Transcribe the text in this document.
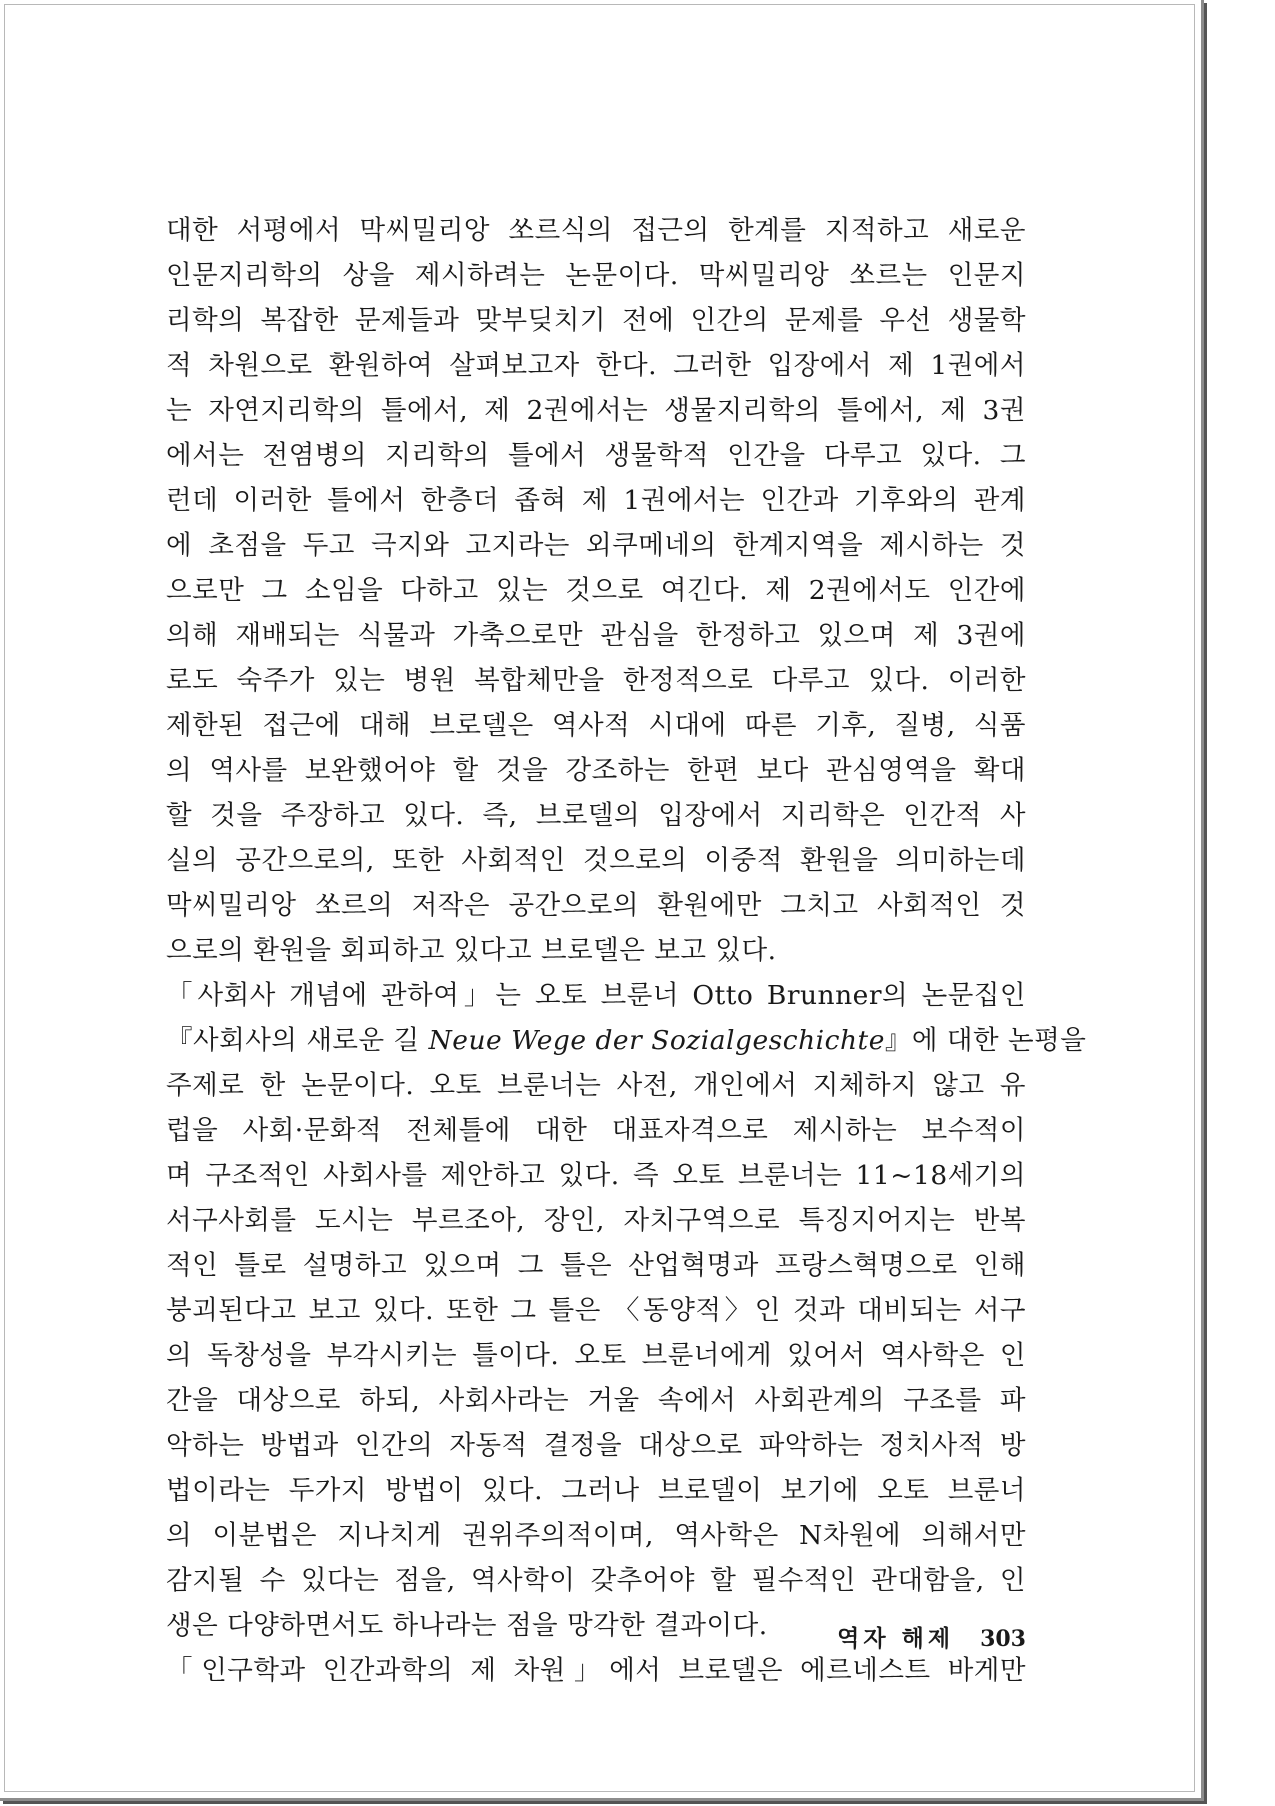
대한 서평에서 막씨밀리앙 쏘르식의 접근의 한계를 지적하고 새로운
인문지리학의 상을 제시하려는 논문이다. 막씨밀리앙 쏘르는 인문지
리학의 복잡한 문제들과 맞부딪치기 전에 인간의 문제를 우선 생물학
적 차원으로 환원하여 살펴보고자 한다. 그러한 입장에서 제 1권에서
는 자연지리학의 틀에서, 제 2권에서는 생물지리학의 틀에서, 제 3권
에서는 전염병의 지리학의 틀에서 생물학적 인간을 다루고 있다. 그
런데 이러한 틀에서 한층더 좁혀 제 1권에서는 인간과 기후와의 관계
에 초점을 두고 극지와 고지라는 외쿠메네의 한계지역을 제시하는 것
으로만 그 소임을 다하고 있는 것으로 여긴다. 제 2권에서도 인간에
의해 재배되는 식물과 가축으로만 관심을 한정하고 있으며 제 3권에
로도 숙주가 있는 병원 복합체만을 한정적으로 다루고 있다. 이러한
제한된 접근에 대해 브로델은 역사적 시대에 따른 기후, 질병, 식품
의 역사를 보완했어야 할 것을 강조하는 한편 보다 관심영역을 확대
할 것을 주장하고 있다. 즉, 브로델의 입장에서 지리학은 인간적 사
실의 공간으로의, 또한 사회적인 것으로의 이중적 환원을 의미하는데
막씨밀리앙 쏘르의 저작은 공간으로의 환원에만 그치고 사회적인 것
으로의 환원을 회피하고 있다고 브로델은 보고 있다.
「사회사 개념에 관하여」는 오토 브룬너 Otto Brunner의 논문집인
『사회사의 새로운 길 Neue Wege der Sozialgeschichte』에 대한 논평을
주제로 한 논문이다. 오토 브룬너는 사전, 개인에서 지체하지 않고 유
럽을 사회·문화적 전체틀에 대한 대표자격으로 제시하는 보수적이
며 구조적인 사회사를 제안하고 있다. 즉 오토 브룬너는 11~18세기의
서구사회를 도시는 부르조아, 장인, 자치구역으로 특징지어지는 반복
적인 틀로 설명하고 있으며 그 틀은 산업혁명과 프랑스혁명으로 인해
붕괴된다고 보고 있다. 또한 그 틀은 〈동양적〉인 것과 대비되는 서구
의 독창성을 부각시키는 틀이다. 오토 브룬너에게 있어서 역사학은 인
간을 대상으로 하되, 사회사라는 거울 속에서 사회관계의 구조를 파
악하는 방법과 인간의 자동적 결정을 대상으로 파악하는 정치사적 방
법이라는 두가지 방법이 있다. 그러나 브로델이 보기에 오토 브룬너
의 이분법은 지나치게 권위주의적이며, 역사학은 N차원에 의해서만
감지될 수 있다는 점을, 역사학이 갖추어야 할 필수적인 관대함을, 인
생은 다양하면서도 하나라는 점을 망각한 결과이다.
「인구학과 인간과학의 제 차원」에서 브로델은 에르네스트 바게만
역자 해제 303
